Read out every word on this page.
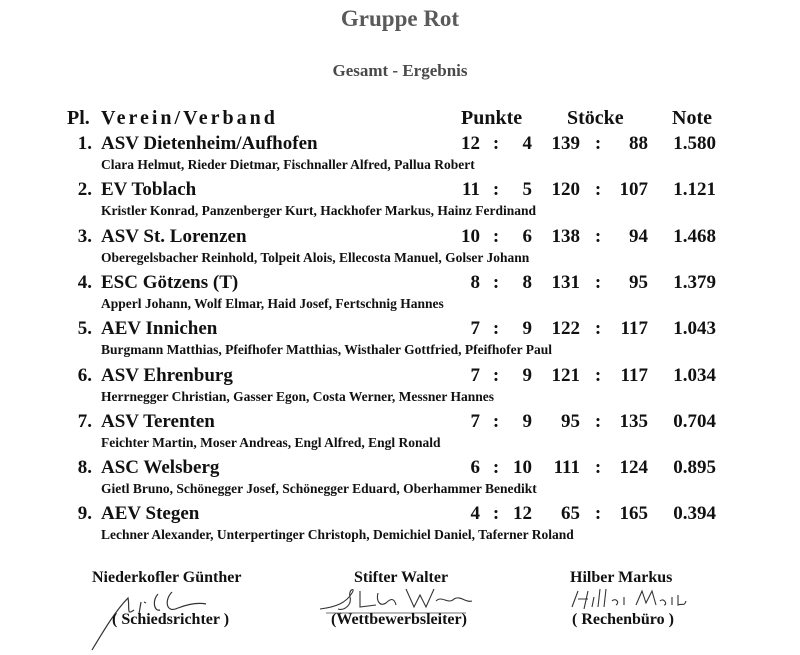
Gruppe Rot
Gesamt - Ergebnis
Pl. Verein/Verband	Punkte Stöcke Note
1. ASV Dietenheim/Aufhofen	12 :	4	139 :	88	1.580
Clara Helmut, Rieder Dietmar, Fischnaller Alfred, Pallua Robert
2. EV Toblach	11 :	5	120 : 107	1.121
Kristler Konrad, Panzenberger Kurt, Hackhofer Markus, Hainz Ferdinand
3. ASV St. Lorenzen	10 :	6	138 :	94	1.468
Oberegelsbacher Reinhold, Tolpeit Alois, Ellecosta Manuel, Golser Johann
4. ESC Götzens (T)	8 :	8	131 :	95	1.379
Apperl Johann, Wolf Elmar, Haid Josef, Fertschnig Hannes
5. AEV Innichen	7 :	9	122 :	117	1.043
Burgmann Matthias, Pfeifhofer Matthias, Wisthaler Gottfried, Pfeifhofer Paul
6. ASV Ehrenburg	7 :	9	121 :	117	1.034
Herrnegger Christian, Gasser Egon, Costa Werner, Messner Hannes
7. ASV Terenten	7 :	9	95 : 135	0.704
Feichter Martin, Moser Andreas, Engl Alfred, Engl Ronald
8. ASC Welsberg	6 : 10	111 : 124	0.895
Gietl Bruno, Schönegger Josef, Schönegger Eduard, Oberhammer Benedikt
9. AEV Stegen	4 : 12	65 : 165	0.394
Lechner Alexander, Unterpertinger Christoph, Demichiel Daniel, Taferner Roland
Niederkofler Günther
( Schiedsrichter )
Stifter Walter
(Wettbewerbsleiter)
Hilber Markus
( Rechenbüro )
